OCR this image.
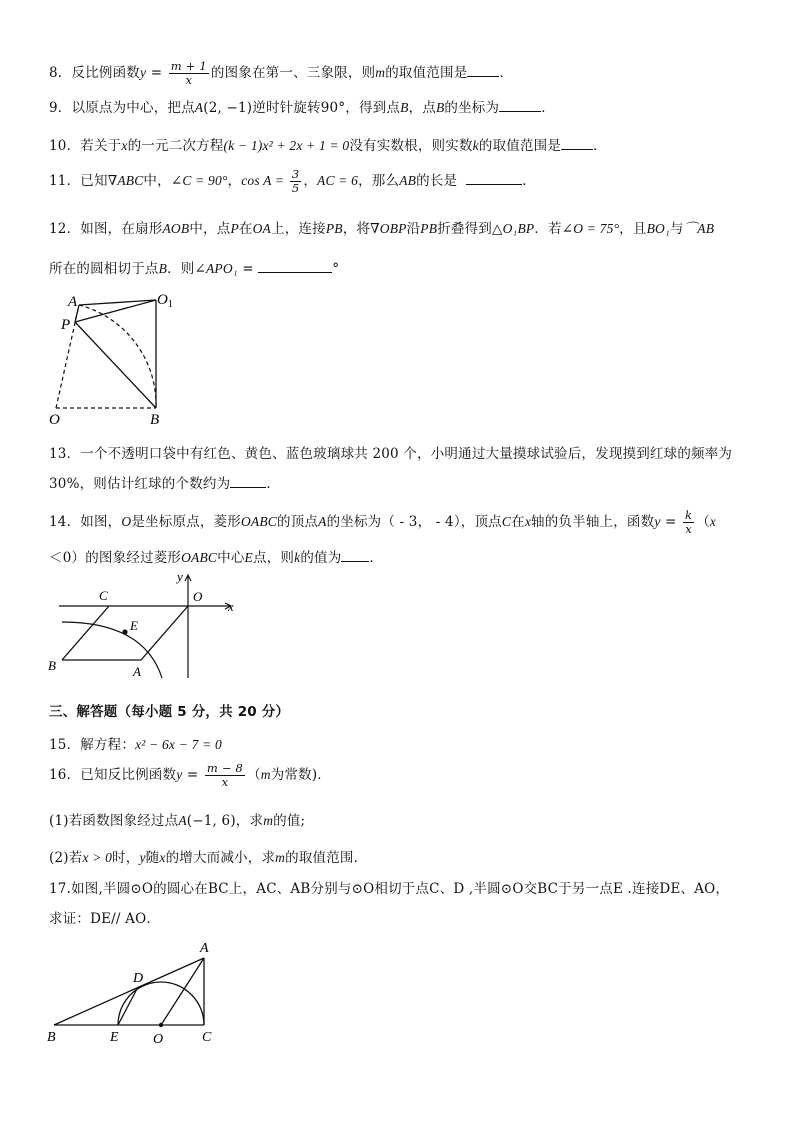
8．反比例函数$y = \frac{m + 1}{x}$ 的图象在第一、三象限，则m的取值范围是 ．
9．以原点为中心，把点A(2, −1)逆时针旋转90°，得到点B，点B的坐标为	．
10．若关于x的一元二次方程(k − 1)x² + 2x + 1 = 0没有实数根，则实数k的取值范围是 ．
11．已知∇ABC中，∠C = 90°，$\cos A = \frac{3}{5}$ ，AC = 6，那么AB的长是	．
12．如图，在扇形AOB中，点P在OA上，连接PB，将∇OBP沿PB折叠得到△O₁BP．若∠O = 75°，且BO₁与⌒AB
所在的圆相切于点B．则∠APO₁ =	°
A	$O_1$
P
O	B
13．一个不透明口袋中有红色、黄色、蓝色玻璃球共 200 个，小明通过大量摸球试验后，发现摸到红球的频率为
30%，则估计红球的个数约为	．
14．如图，O是坐标原点，菱形OABC的顶点A的坐标为（ - 3， - 4），顶点C在x轴的负半轴上，函数$y = \frac{k}{x} (x$
＜0）的图象经过菱形OABC中心E点，则k的值为 ．
C
y
O
x
E
B	A
三、解答题（每小题 5 分，共 20 分）
15．解方程：x² − 6x − 7 = 0
16．已知反比例函数$y = \frac{m - 8}{x} (m$为常数)．
(1)若函数图象经过点A(−1, 6)，求m的值;
(2)若x > 0时，y随x的增大而减小，求m的取值范围．
17.如图,半圆⊙O的圆心在BC上，AC、AB分别与⊙O相切于点C、D ,半圆⊙O交BC于另一点E .连接DE、AO，
求证：DE// AO．
A
D
B	E O	C
